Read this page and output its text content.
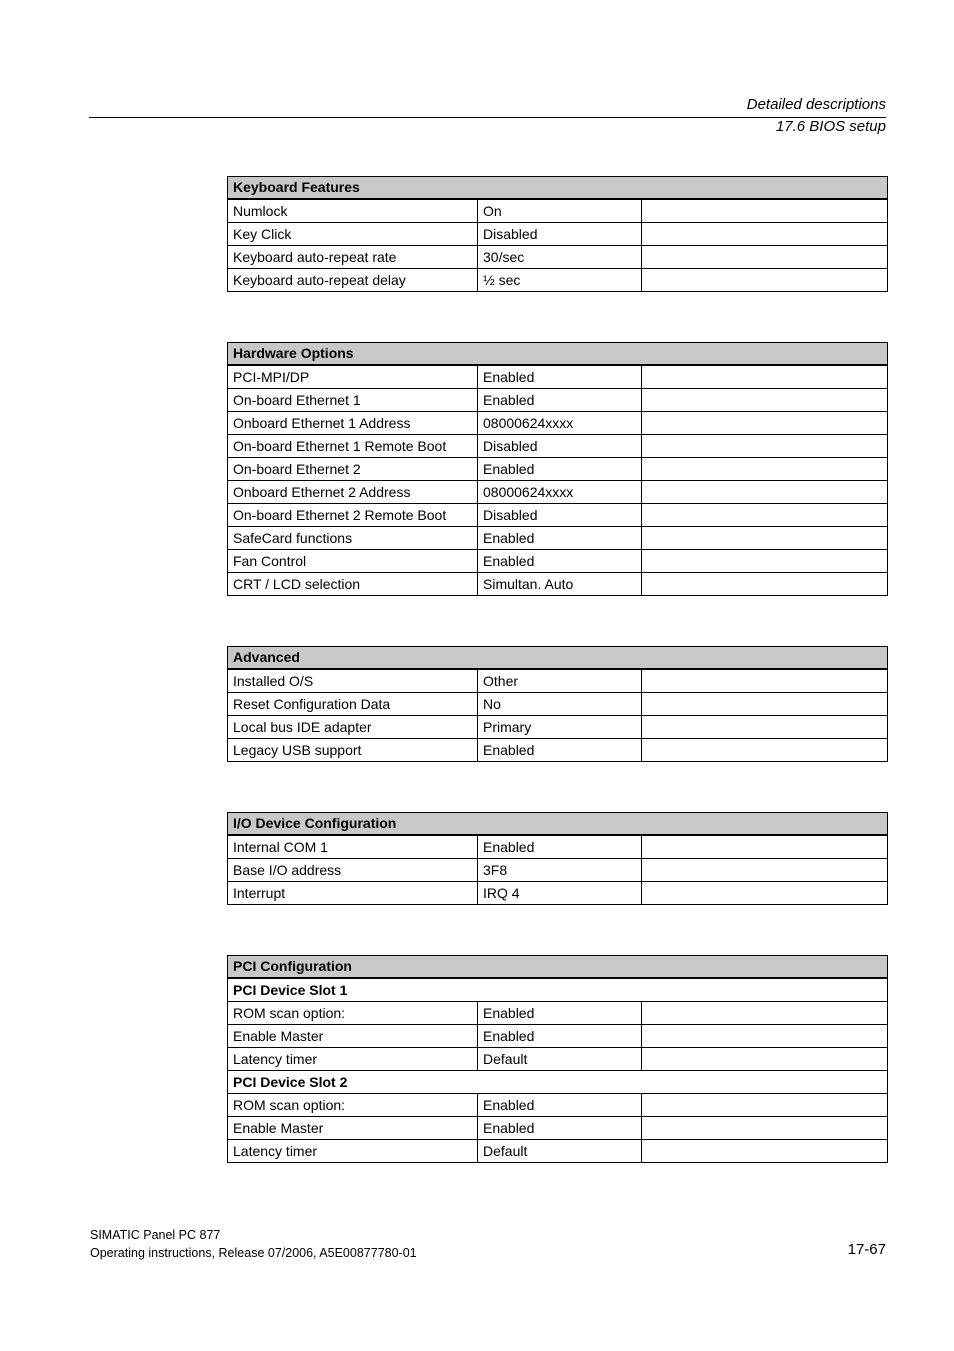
Detailed descriptions
17.6 BIOS setup
Keyboard Features		
Numlock	On	
Key Click	Disabled	
Keyboard auto-repeat rate	30/sec	
Keyboard auto-repeat delay	½ sec	
Hardware Options		
PCI-MPI/DP	Enabled	
On-board Ethernet 1	Enabled	
Onboard Ethernet 1 Address	08000624xxxx	
On-board Ethernet 1 Remote Boot	Disabled	
On-board Ethernet 2	Enabled	
Onboard Ethernet 2 Address	08000624xxxx	
On-board Ethernet 2 Remote Boot	Disabled	
SafeCard functions	Enabled	
Fan Control	Enabled	
CRT / LCD selection	Simultan. Auto	
Advanced		
Installed O/S	Other	
Reset Configuration Data	No	
Local bus IDE adapter	Primary	
Legacy USB support	Enabled	
I/O Device Configuration		
Internal COM 1	Enabled	
Base I/O address	3F8	
Interrupt	IRQ 4	
PCI Configuration		
PCI Device Slot 1		
ROM scan option:	Enabled	
Enable Master	Enabled	
Latency timer	Default	
PCI Device Slot 2		
ROM scan option:	Enabled	
Enable Master	Enabled	
Latency timer	Default	
SIMATIC Panel PC 877
Operating instructions, Release 07/2006, A5E00877780-01	17-67
